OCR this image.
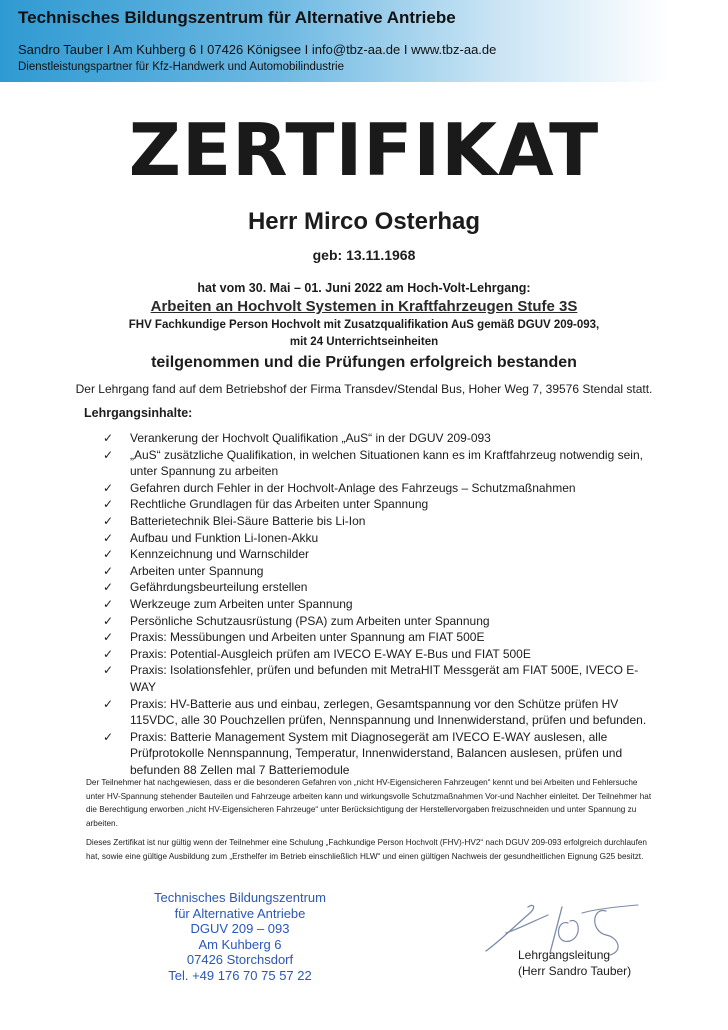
Technisches Bildungszentrum für Alternative Antriebe
Sandro Tauber I Am Kuhberg 6 I 07426 Königsee I info@tbz-aa.de I www.tbz-aa.de
Dienstleistungspartner für Kfz-Handwerk und Automobilindustrie
ZERTIFIKAT
Herr Mirco Osterhag
geb: 13.11.1968
hat vom 30. Mai – 01. Juni 2022 am Hoch-Volt-Lehrgang:
Arbeiten an Hochvolt Systemen in Kraftfahrzeugen Stufe 3S
FHV Fachkundige Person Hochvolt mit Zusatzqualifikation AuS gemäß DGUV 209-093,
mit 24 Unterrichtseinheiten
teilgenommen und die Prüfungen erfolgreich bestanden
Der Lehrgang fand auf dem Betriebshof der Firma Transdev/Stendal Bus, Hoher Weg 7, 39576 Stendal statt.
Lehrgangsinhalte:
✓ Verankerung der Hochvolt Qualifikation „AuS“ in der DGUV 209-093
✓ „AuS“ zusätzliche Qualifikation, in welchen Situationen kann es im Kraftfahrzeug notwendig sein, unter Spannung zu arbeiten
✓ Gefahren durch Fehler in der Hochvolt-Anlage des Fahrzeugs – Schutzmaßnahmen
✓ Rechtliche Grundlagen für das Arbeiten unter Spannung
✓ Batterietechnik Blei-Säure Batterie bis Li-Ion
✓ Aufbau und Funktion Li-Ionen-Akku
✓ Kennzeichnung und Warnschilder
✓ Arbeiten unter Spannung
✓ Gefährdungsbeurteilung erstellen
✓ Werkzeuge zum Arbeiten unter Spannung
✓ Persönliche Schutzausrüstung (PSA) zum Arbeiten unter Spannung
✓ Praxis: Messübungen und Arbeiten unter Spannung am FIAT 500E
✓ Praxis: Potential-Ausgleich prüfen am IVECO E-WAY E-Bus und FIAT 500E
✓ Praxis: Isolationsfehler, prüfen und befunden mit MetraHIT Messgerät am FIAT 500E, IVECO E-WAY
✓ Praxis: HV-Batterie aus und einbau, zerlegen, Gesamtspannung vor den Schütze prüfen HV 115VDC, alle 30 Pouchzellen prüfen, Nennspannung und Innenwiderstand, prüfen und befunden.
✓ Praxis: Batterie Management System mit Diagnosegerät am IVECO E-WAY auslesen, alle Prüfprotokolle Nennspannung, Temperatur, Innenwiderstand, Balancen auslesen, prüfen und befunden 88 Zellen mal 7 Batteriemodule
Der Teilnehmer hat nachgewiesen, dass er die besonderen Gefahren von „nicht HV-Eigensicheren Fahrzeugen“ kennt und bei Arbeiten und Fehlersuche unter HV-Spannung stehender Bauteilen und Fahrzeuge arbeiten kann und wirkungsvolle Schutzmaßnahmen Vor-und Nachher einleitet. Der Teilnehmer hat die Berechtigung erworben „nicht HV-Eigensicheren Fahrzeuge“ unter Berücksichtigung der Herstellervorgaben freizuschneiden und unter Spannung zu arbeiten.
Dieses Zertifikat ist nur gültig wenn der Teilnehmer eine Schulung „Fachkundige Person Hochvolt (FHV)-HV2“ nach DGUV 209-093 erfolgreich durchlaufen hat, sowie eine gültige Ausbildung zum „Ersthelfer im Betrieb einschließlich HLW“ und einen gültigen Nachweis der gesundheitlichen Eignung G25 besitzt.
Technisches Bildungszentrum
für Alternative Antriebe
DGUV 209 – 093
Am Kuhberg 6
07426 Storchsdorf
Tel. +49 176 70 75 57 22
Lehrgangsleitung
(Herr Sandro Tauber)
